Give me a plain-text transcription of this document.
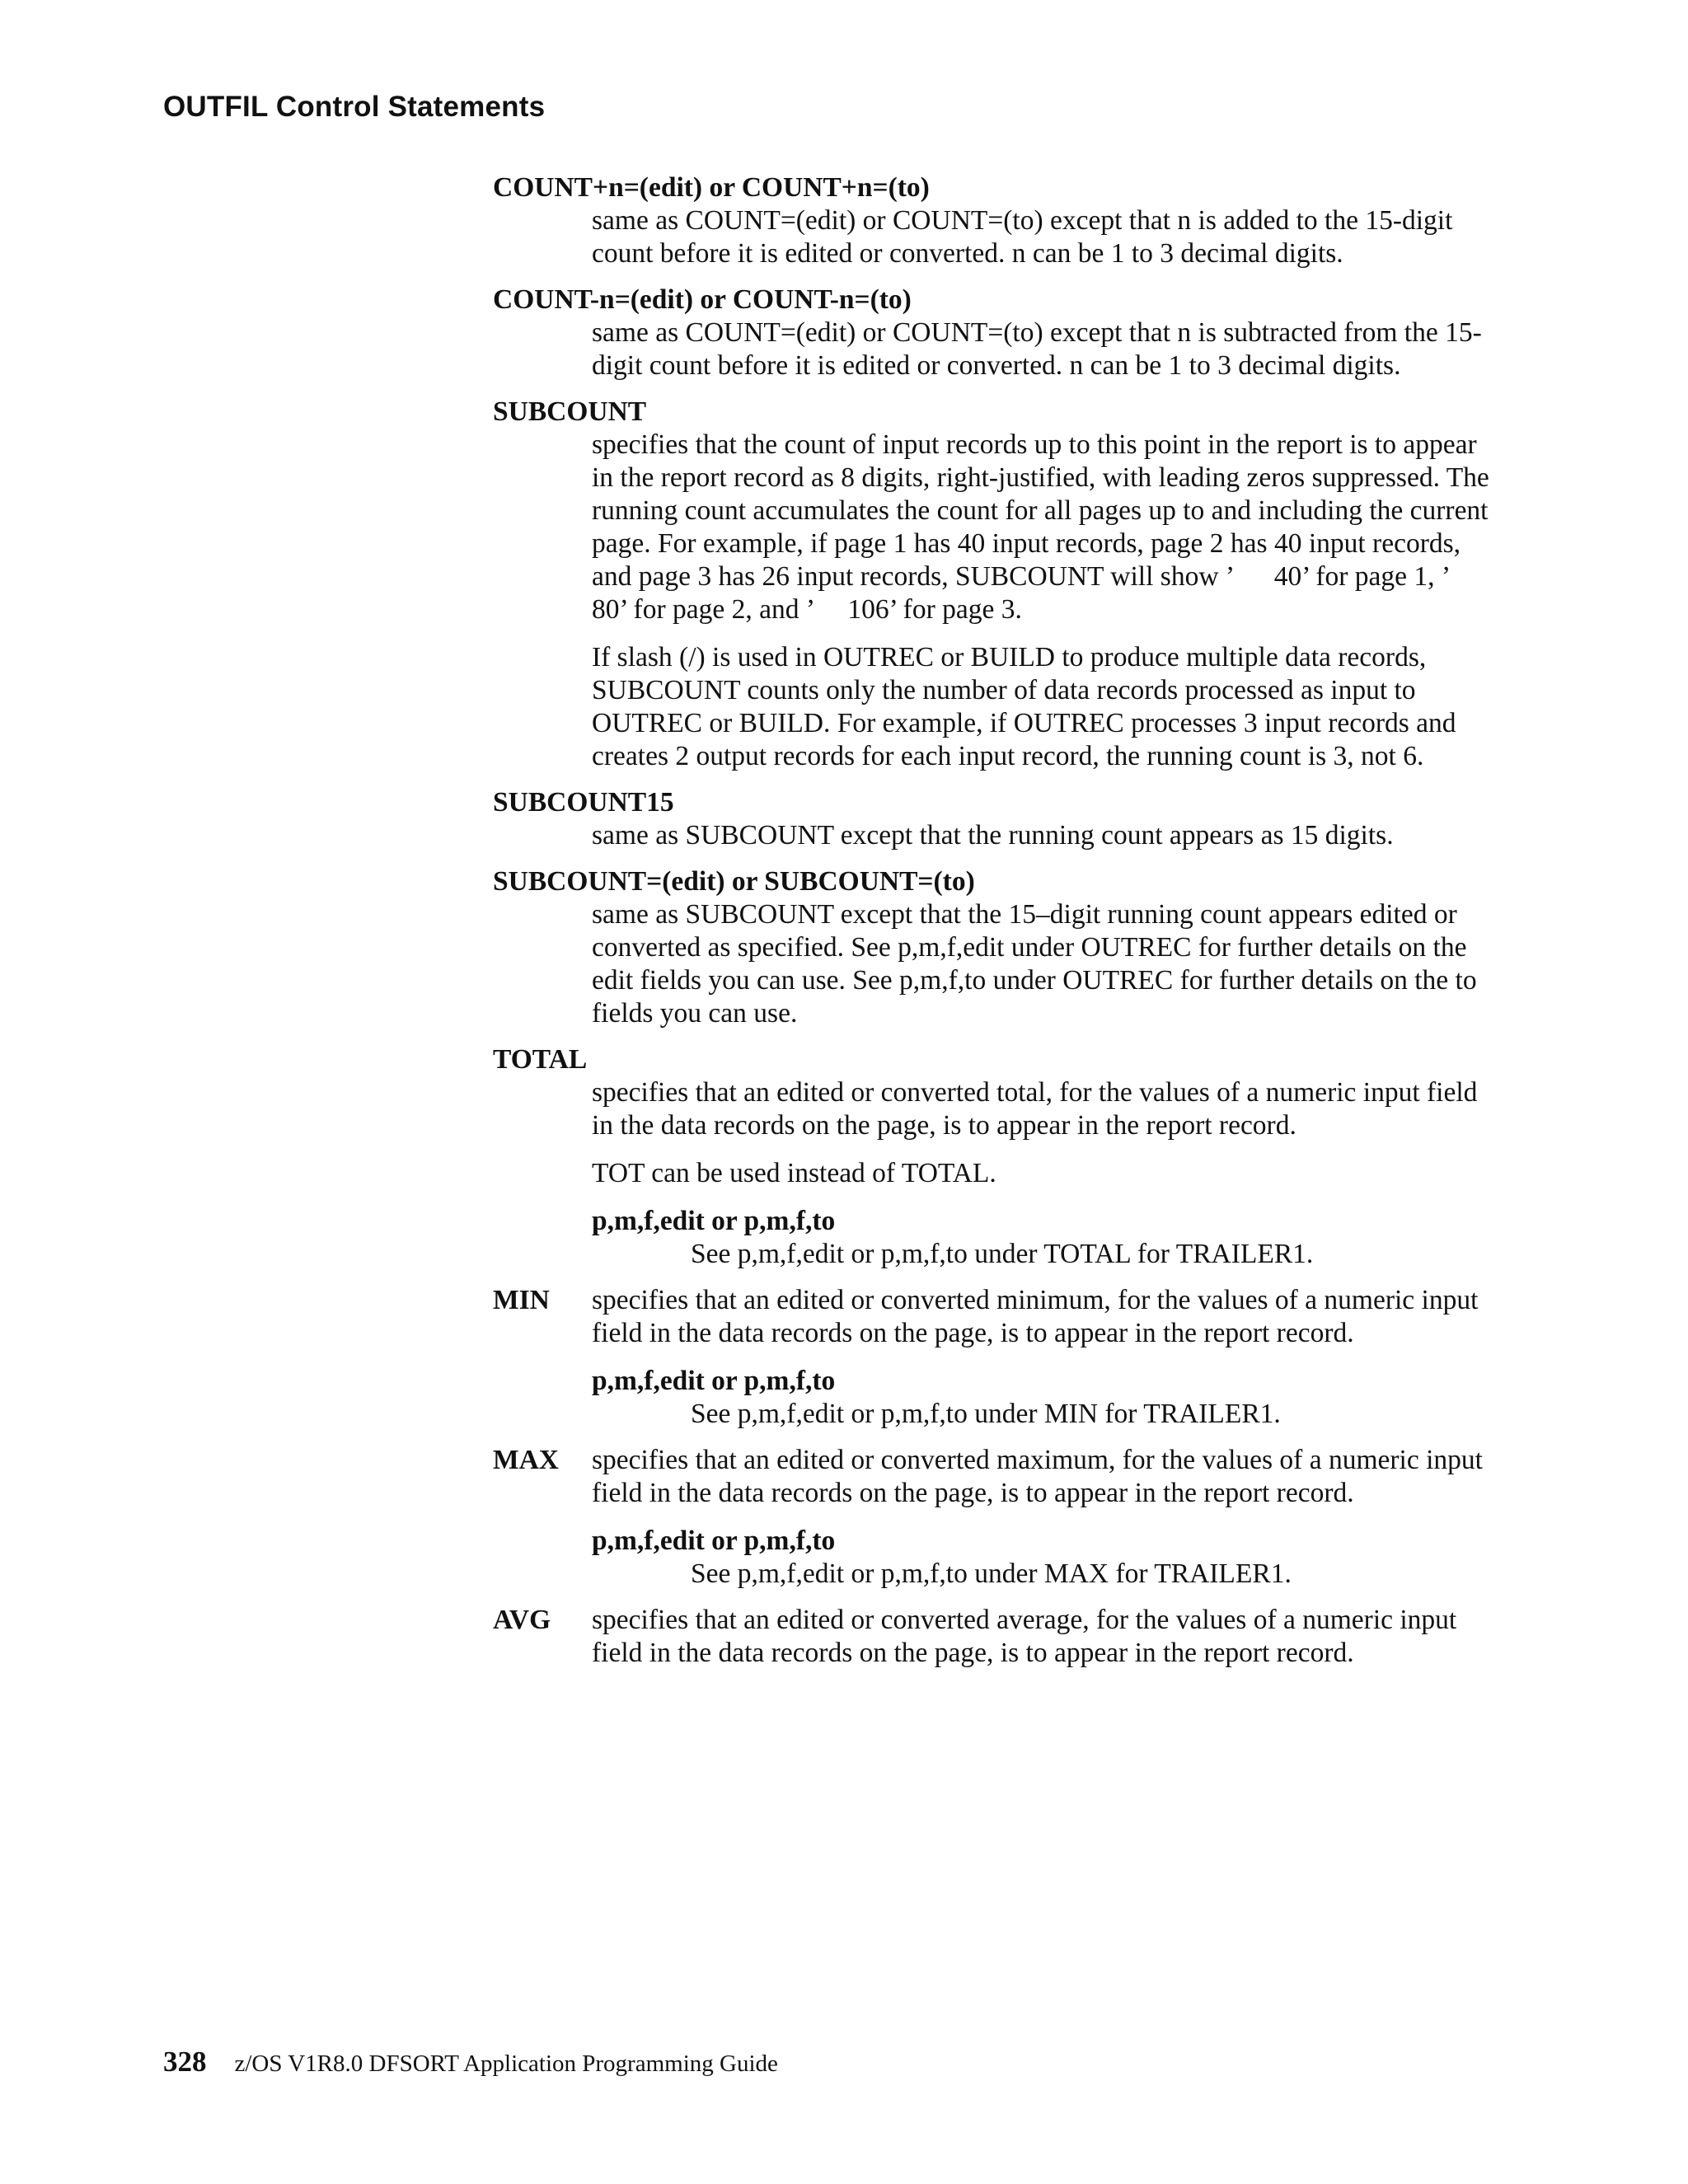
OUTFIL Control Statements
COUNT+n=(edit) or COUNT+n=(to)

same as COUNT=(edit) or COUNT=(to) except that n is added to the 15-digit count before it is edited or converted. n can be 1 to 3 decimal digits.

COUNT-n=(edit) or COUNT-n=(to)

same as COUNT=(edit) or COUNT=(to) except that n is subtracted from the 15-digit count before it is edited or converted. n can be 1 to 3 decimal digits.

SUBCOUNT

specifies that the count of input records up to this point in the report is to appear in the report record as 8 digits, right-justified, with leading zeros suppressed. The running count accumulates the count for all pages up to and including the current page. For example, if page 1 has 40 input records, page 2 has 40 input records, and page 3 has 26 input records, SUBCOUNT will show ’      40’ for page 1, ’      80’ for page 2, and ’     106’ for page 3.

If slash (/) is used in OUTREC or BUILD to produce multiple data records, SUBCOUNT counts only the number of data records processed as input to OUTREC or BUILD. For example, if OUTREC processes 3 input records and creates 2 output records for each input record, the running count is 3, not 6.

SUBCOUNT15

same as SUBCOUNT except that the running count appears as 15 digits.

SUBCOUNT=(edit) or SUBCOUNT=(to)

same as SUBCOUNT except that the 15–digit running count appears edited or converted as specified. See p,m,f,edit under OUTREC for further details on the edit fields you can use. See p,m,f,to under OUTREC for further details on the to fields you can use.

TOTAL

specifies that an edited or converted total, for the values of a numeric input field in the data records on the page, is to appear in the report record.

TOT can be used instead of TOTAL.

p,m,f,edit or p,m,f,to
See p,m,f,edit or p,m,f,to under TOTAL for TRAILER1.
MIN specifies that an edited or converted minimum, for the values of a numeric input field in the data records on the page, is to appear in the report record.

p,m,f,edit or p,m,f,to
See p,m,f,edit or p,m,f,to under MIN for TRAILER1.
MAX specifies that an edited or converted maximum, for the values of a numeric input field in the data records on the page, is to appear in the report record.

p,m,f,edit or p,m,f,to
See p,m,f,edit or p,m,f,to under MAX for TRAILER1.
AVG specifies that an edited or converted average, for the values of a numeric input field in the data records on the page, is to appear in the report record.

328 z/OS V1R8.0 DFSORT Application Programming Guide
